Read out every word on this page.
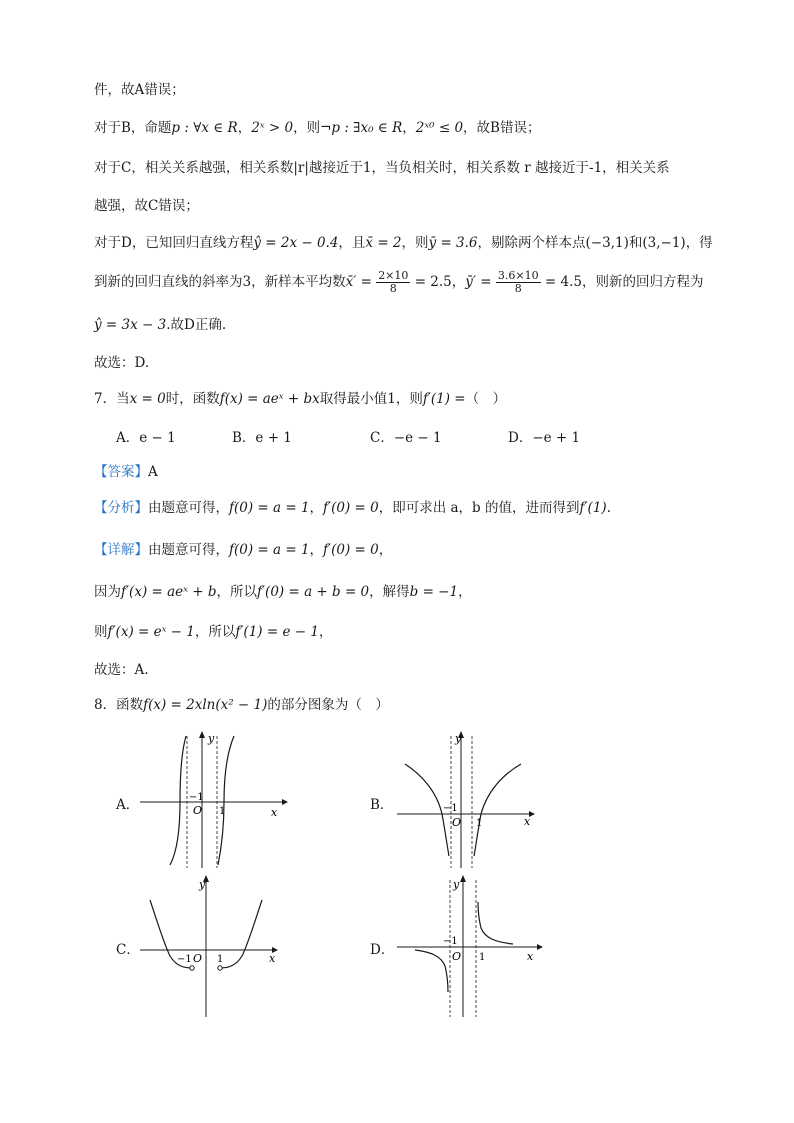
件，故A错误；
对于B，命题p : ∀x ∈ R，2ˣ > 0，则¬p : ∃x₀ ∈ R，2ˣ⁰ ≤ 0，故B错误；
对于C，相关关系越强，相关系数|r|越接近于1，当负相关时，相关系数 r 越接近于-1，相关关系
越强，故C错误；
对于D，已知回归直线方程ŷ = 2x − 0.4，且x̄ = 2，则ȳ = 3.6，剔除两个样本点(−3,1)和(3,−1)，得
到新的回归直线的斜率为3，新样本平均数x̄′ = $\frac{2\times 10}{8} = 2.5$，ȳ′ = $\frac{3.6\times 10}{8} = 4.5$，则新的回归方程为
ŷ = 3x − 3.故D正确.
故选：D.
7．当x = 0时，函数f(x) = aeˣ + bx取得最小值1，则f′(1) =（　）
A．e − 1	B．e + 1	C．−e − 1	D．−e + 1
【答案】A
【分析】由题意可得，f(0) = a = 1，f′(0) = 0，即可求出 a，b 的值，进而得到f′(1).
【详解】由题意可得，f(0) = a = 1，f′(0) = 0，
因为f′(x) = aeˣ + b，所以f′(0) = a + b = 0，解得b = −1，
则f′(x) = eˣ − 1，所以f′(1) = e − 1，
故选：A.
8．函数f(x) = 2xln(x² − 1)的部分图象为（　）
A．
y
x
O
−1
1	B．
y
x
O
−1
1
C．
y
x
O
−1	1
D．
y
x
O
−1
1
